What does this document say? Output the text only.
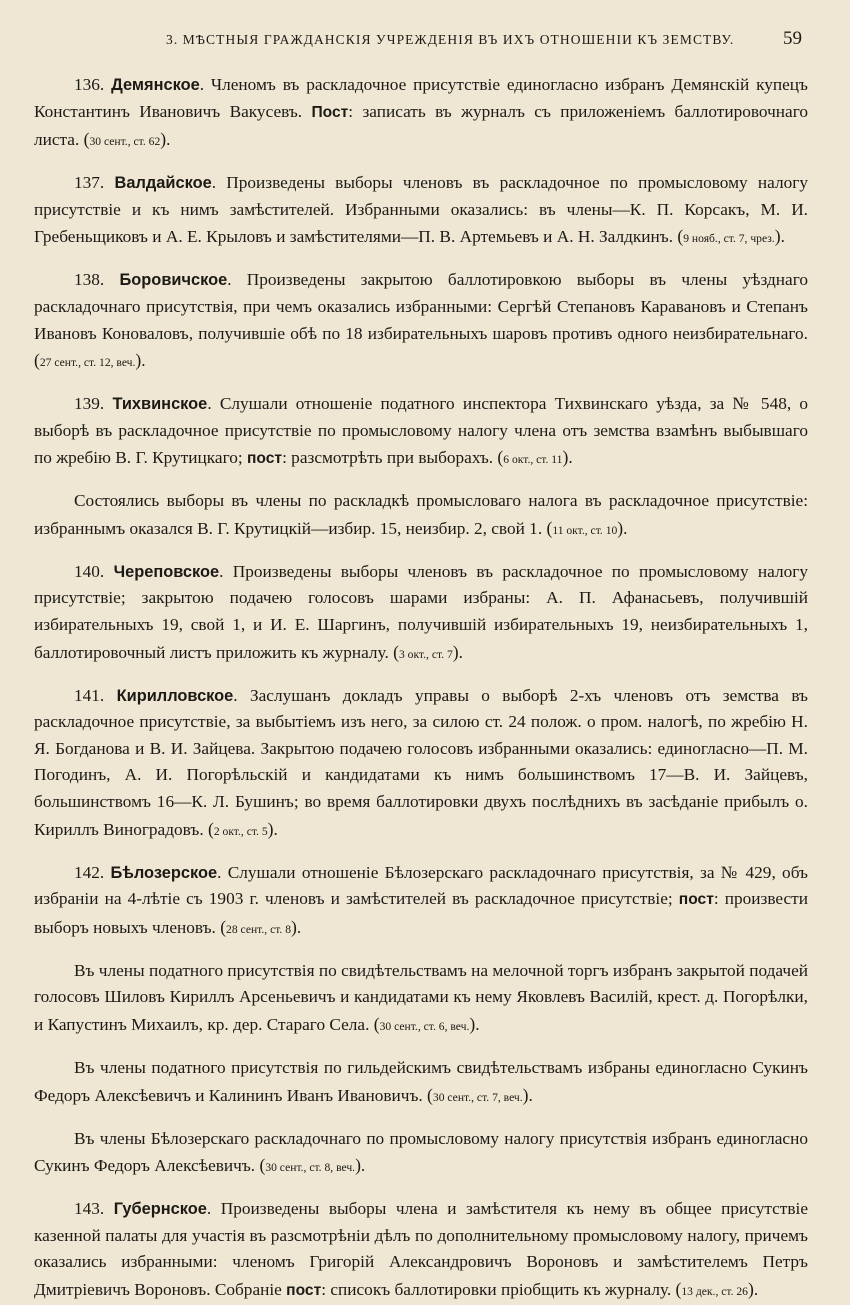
3. МѢСТНЫЯ ГРАЖДАНСКІЯ УЧРЕЖДЕНІЯ ВЪ ИХЪ ОТНОШЕНІИ КЪ ЗЕМСТВУ.	59

136. Демянское. Членомъ въ раскладочное присутствіе единогласно избранъ Демянскій купецъ Константинъ Ивановичъ Вакусевъ. Пост: записать въ журналъ съ приложеніемъ баллотировочнаго листа. (30 сент., ст. 62).

137. Валдайское. Произведены выборы членовъ въ раскладочное по промысловому налогу присутствіе и къ нимъ замѣстителей. Избранными оказались: въ члены—К. П. Корсакъ, М. И. Гребеньщиковъ и А. Е. Крыловъ и замѣстителями—П. В. Артемьевъ и А. Н. Залдкинъ. (9 нояб., ст. 7, чрез.).

138. Боровичское. Произведены закрытою баллотировкою выборы въ члены уѣзднаго раскладочнаго присутствія, при чемъ оказались избранными: Сергѣй Степановъ Каравановъ и Степанъ Ивановъ Коноваловъ, получившіе обѣ по 18 избирательныхъ шаровъ противъ одного неизбирательнаго. (27 сент., ст. 12, веч.).

139. Тихвинское. Слушали отношеніе податного инспектора Тихвинскаго уѣзда, за № 548, о выборѣ въ раскладочное присутствіе по промысловому налогу члена отъ земства взамѣнъ выбывшаго по жребію В. Г. Крутицкаго; пост: разсмотрѣть при выборахъ. (6 окт., ст. 11).

Состоялись выборы въ члены по раскладкѣ промысловаго налога въ раскладочное присутствіе: избраннымъ оказался В. Г. Крутицкій—избир. 15, неизбир. 2, свой 1. (11 окт., ст. 10).

140. Череповское. Произведены выборы членовъ въ раскладочное по промысловому налогу присутствіе; закрытою подачею голосовъ шарами избраны: А. П. Афанасьевъ, получившій избирательныхъ 19, свой 1, и И. Е. Шаргинъ, получившій избирательныхъ 19, неизбирательныхъ 1, баллотировочный листъ приложить къ журналу. (3 окт., ст. 7).

141. Кирилловское. Заслушанъ докладъ управы о выборѣ 2-хъ членовъ отъ земства въ раскладочное присутствіе, за выбытіемъ изъ него, за силою ст. 24 полож. о пром. налогѣ, по жребію Н. Я. Богданова и В. И. Зайцева. Закрытою подачею голосовъ избранными оказались: единогласно—П. М. Погодинъ, А. И. Погорѣльскій и кандидатами къ нимъ большинствомъ 17—В. И. Зайцевъ, большинствомъ 16—К. Л. Бушинъ; во время баллотировки двухъ послѣднихъ въ засѣданіе прибылъ о. Кириллъ Виноградовъ. (2 окт., ст. 5).

142. Бѣлозерское. Слушали отношеніе Бѣлозерскаго раскладочнаго присутствія, за № 429, объ избраніи на 4-лѣтіе съ 1903 г. членовъ и замѣстителей въ раскладочное присутствіе; пост: произвести выборъ новыхъ членовъ. (28 сент., ст. 8).

Въ члены податного присутствія по свидѣтельствамъ на мелочной торгъ избранъ закрытой подачей голосовъ Шиловъ Кириллъ Арсеньевичъ и кандидатами къ нему Яковлевъ Василій, крест. д. Погорѣлки, и Капустинъ Михаилъ, кр. дер. Стараго Села. (30 сент., ст. 6, веч.).

Въ члены податного присутствія по гильдейскимъ свидѣтельствамъ избраны единогласно Сукинъ Федоръ Алексѣевичъ и Калининъ Иванъ Ивановичъ. (30 сент., ст. 7, веч.).

Въ члены Бѣлозерскаго раскладочнаго по промысловому налогу присутствія избранъ единогласно Сукинъ Федоръ Алексѣевичъ. (30 сент., ст. 8, веч.).

143. Губернское. Произведены выборы члена и замѣстителя къ нему въ общее присутствіе казенной палаты для участія въ разсмотрѣніи дѣлъ по дополнительному промысловому налогу, причемъ оказались избранными: членомъ Григорій Александровичъ Вороновъ и замѣстителемъ Петръ Дмитріевичъ Вороновъ. Собраніе пост: списокъ баллотировки пріобщить къ журналу. (13 дек., ст. 26).
